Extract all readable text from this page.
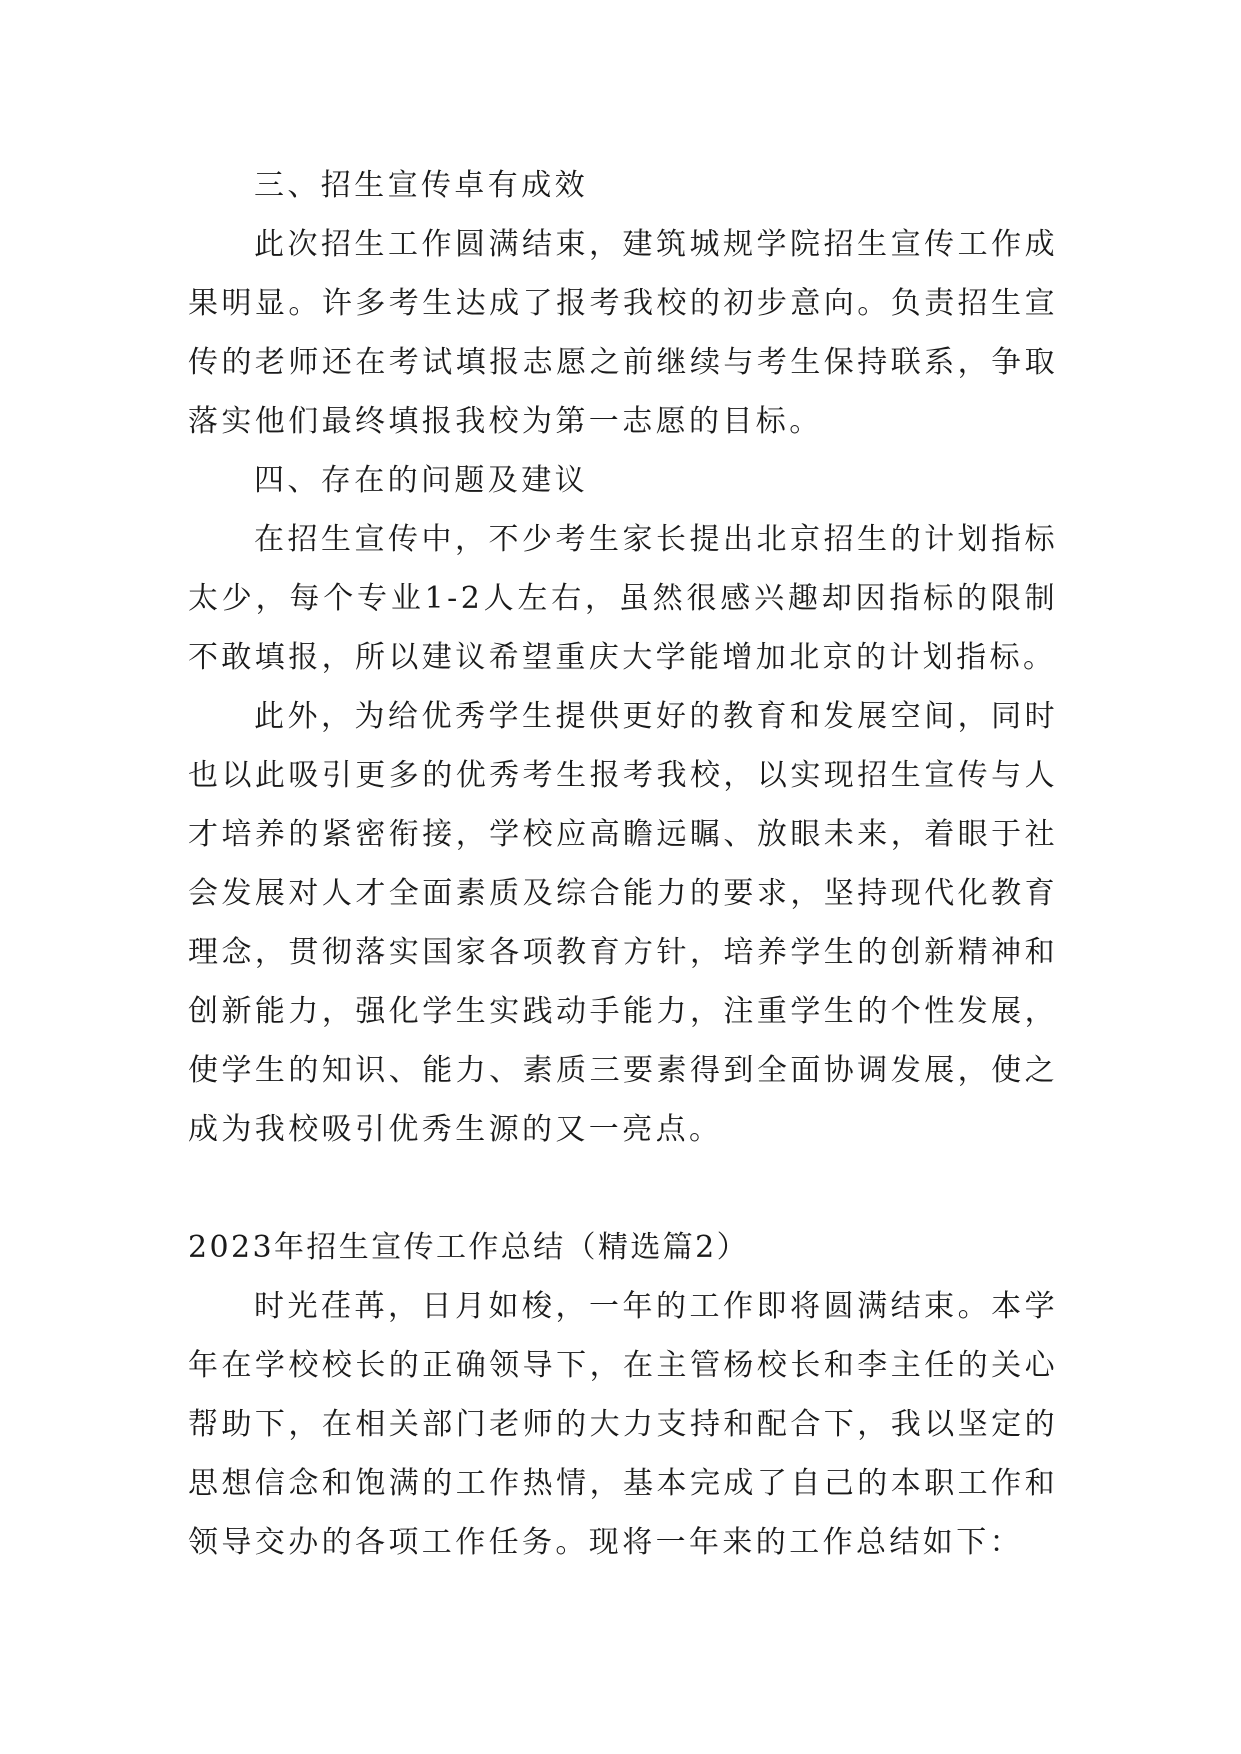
三、招生宣传卓有成效

此次招生工作圆满结束，建筑城规学院招生宣传工作成果明显。许多考生达成了报考我校的初步意向。负责招生宣传的老师还在考试填报志愿之前继续与考生保持联系，争取落实他们最终填报我校为第一志愿的目标。

四、存在的问题及建议

在招生宣传中，不少考生家长提出北京招生的计划指标太少，每个专业1-2人左右，虽然很感兴趣却因指标的限制不敢填报，所以建议希望重庆大学能增加北京的计划指标。

此外，为给优秀学生提供更好的教育和发展空间，同时也以此吸引更多的优秀考生报考我校，以实现招生宣传与人才培养的紧密衔接，学校应高瞻远瞩、放眼未来，着眼于社会发展对人才全面素质及综合能力的要求，坚持现代化教育理念，贯彻落实国家各项教育方针，培养学生的创新精神和创新能力，强化学生实践动手能力，注重学生的个性发展，使学生的知识、能力、素质三要素得到全面协调发展，使之成为我校吸引优秀生源的又一亮点。

2023年招生宣传工作总结（精选篇2）

时光荏苒，日月如梭，一年的工作即将圆满结束。本学年在学校校长的正确领导下，在主管杨校长和李主任的关心帮助下，在相关部门老师的大力支持和配合下，我以坚定的思想信念和饱满的工作热情，基本完成了自己的本职工作和领导交办的各项工作任务。现将一年来的工作总结如下：
